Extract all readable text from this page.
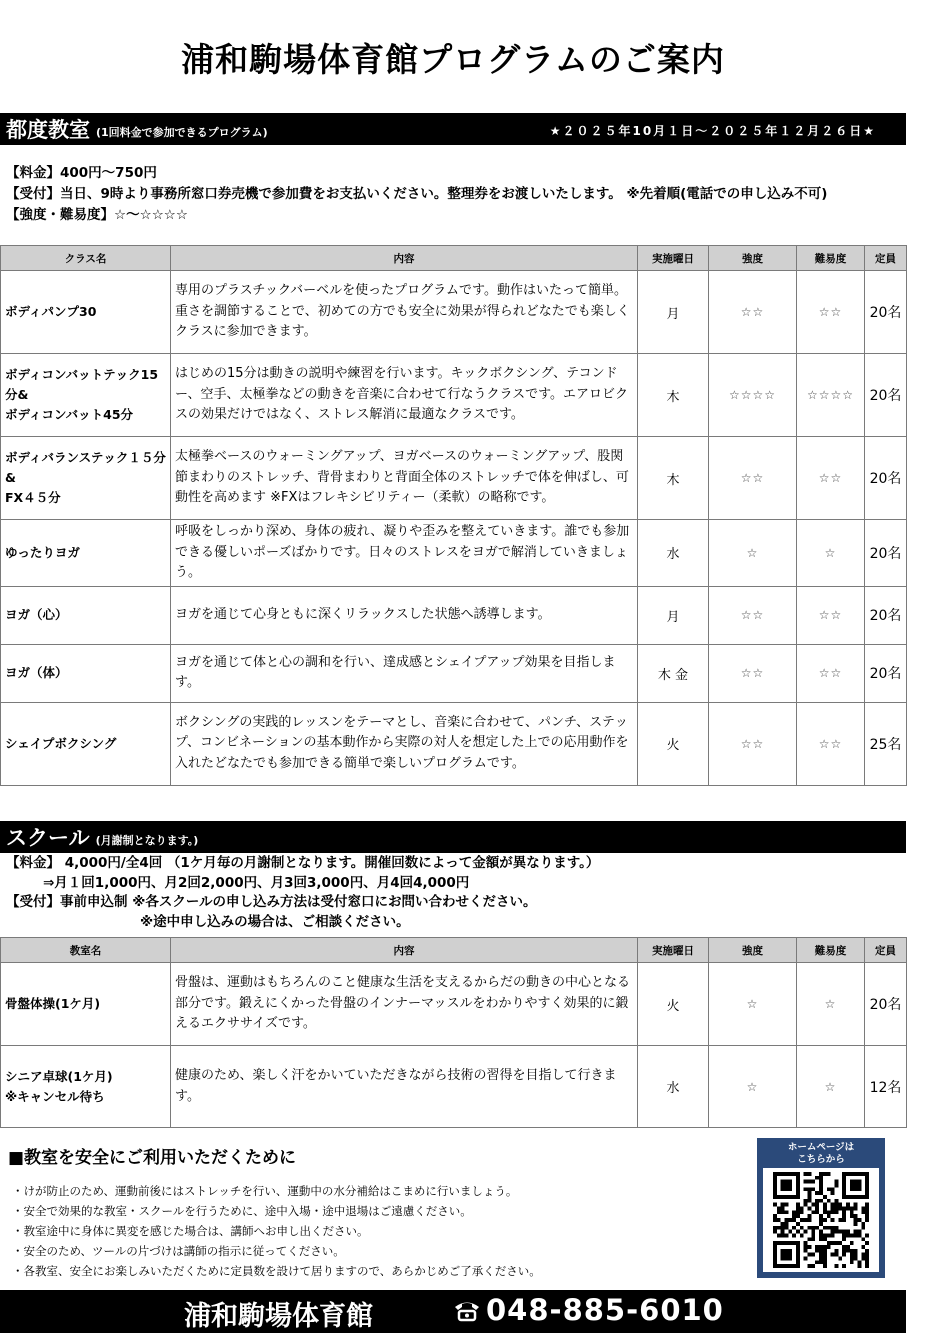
浦和駒場体育館プログラムのご案内
都度教室 (1回料金で参加できるプログラム)	★２０２５年10月１日～２０２５年１２月２６日★
【料金】400円～750円
【受付】当日、9時より事務所窓口券売機で参加費をお支払いください。整理券をお渡しいたします。 ※先着順(電話での申し込み不可)
【強度・難易度】☆～☆☆☆☆
クラス名	内容	実施曜日	強度	難易度	定員
ボディパンプ30	専用のプラスチックバーベルを使ったプログラムです。動作はいたって簡単。重さを調節することで、初めての方でも安全に効果が得られどなたでも楽しくクラスに参加できます。	月	☆☆	☆☆	20名
ボディコンバットテック15分&
ボディコンバット45分	はじめの15分は動きの説明や練習を行います。キックボクシング、テコンドー、空手、太極拳などの動きを音楽に合わせて行なうクラスです。エアロビクスの効果だけではなく、ストレス解消に最適なクラスです。	木	☆☆☆☆	☆☆☆☆	20名
ボディバランステック１５分&
FX４５分	太極拳ベースのウォーミングアップ、ヨガベースのウォーミングアップ、股関節まわりのストレッチ、背骨まわりと背面全体のストレッチで体を伸ばし、可動性を高めます ※FXはフレキシビリティー（柔軟）の略称です。	木	☆☆	☆☆	20名
ゆったりヨガ	呼吸をしっかり深め、身体の疲れ、凝りや歪みを整えていきます。誰でも参加できる優しいポーズばかりです。日々のストレスをヨガで解消していきましょう。	水	☆	☆	20名
ヨガ（心）	ヨガを通じて心身ともに深くリラックスした状態へ誘導します。	月	☆☆	☆☆	20名
ヨガ（体）	ヨガを通じて体と心の調和を行い、達成感とシェイプアップ効果を目指します。	木 金	☆☆	☆☆	20名
シェイプボクシング	ボクシングの実践的レッスンをテーマとし、音楽に合わせて、パンチ、ステップ、コンビネーションの基本動作から実際の対人を想定した上での応用動作を入れたどなたでも参加できる簡単で楽しいプログラムです。	火	☆☆	☆☆	25名
スクール (月謝制となります。)
【料金】 4,000円/全4回 （1ケ月毎の月謝制となります。開催回数によって金額が異なります。）
⇒月１回1,000円、月2回2,000円、月3回3,000円、月4回4,000円
【受付】事前申込制 ※各スクールの申し込み方法は受付窓口にお問い合わせください。
※途中申し込みの場合は、ご相談ください。
教室名	内容	実施曜日	強度	難易度	定員
骨盤体操(1ケ月)	骨盤は、運動はもちろんのこと健康な生活を支えるからだの動きの中心となる部分です。鍛えにくかった骨盤のインナーマッスルをわかりやすく効果的に鍛えるエクササイズです。	火	☆	☆	20名
シニア卓球(1ケ月)
※キャンセル待ち	健康のため、楽しく汗をかいていただきながら技術の習得を目指して行きます。	水	☆	☆	12名
■教室を安全にご利用いただくために
・けが防止のため、運動前後にはストレッチを行い、運動中の水分補給はこまめに行いましょう。
・安全で効果的な教室・スクールを行うために、途中入場・途中退場はご遠慮ください。
・教室途中に身体に異変を感じた場合は、講師へお申し出ください。
・安全のため、ツールの片づけは講師の指示に従ってください。
・各教室、安全にお楽しみいただくために定員数を設けて居りますので、あらかじめご了承ください。
ホームページは
こちらから
浦和駒場体育館	048-885-6010
